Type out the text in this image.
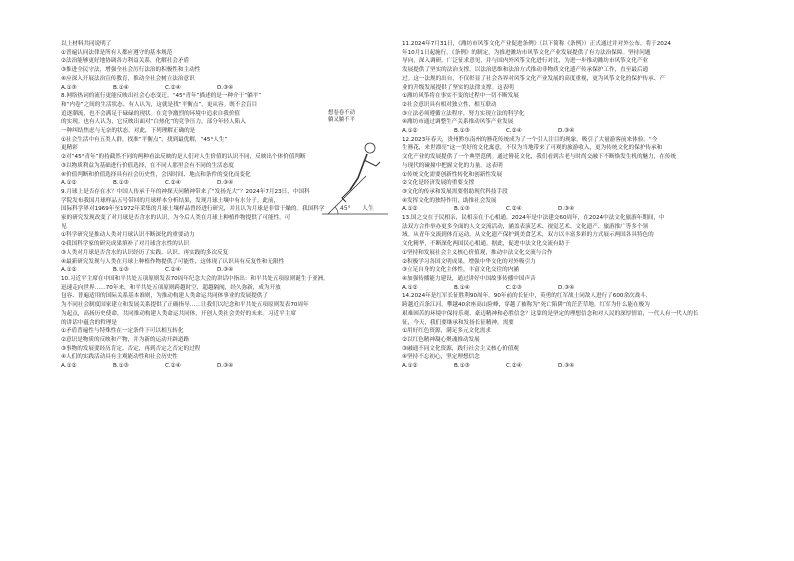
以上材料共同说明了

①普遍认同法律是所有人都应遵守的基本规范

②法治能够更好地协调各方利益关系，化解社会矛盾

③推进全民守法，增强全社会厉行法治的积极性和主动性

④应深入开展法治宣传教育，推动全社会树立法治意识

A.①③	B.①④	C.②④	D.③④

8.网络热词的流行更能反映出社会心态变迁。“45°青年”描述的是一种介于“躺平”

和“内卷”之间的生活状态。有人认为，这就是找“平衡点”，更从容。既不会盲目

追逐潮流，也不会满足于碌碌的现状。在竞争激烈的环境中追求自我价值

的实现。也有人认为，它反映出面对“白热化”的竞争压力，部分年轻人陷入

一种纠结焦虑与无奈的状态。对此，下列理解正确的是

①社会生活中有五类人群，找准“平衡点”，找到最优解，“45°人生”

更精彩

②对“45°青年”的持截然不同的两种看法反映的是人们对人生价值的认识不同，反映出个体价值判断

③以物质利益为基础进行价值选择，在不同人那里会有不同的生活态度

④价值判断和价值选择具有社会历史性，会因时间、地点和条件的变化而变化

A.①②	B.①③	C.②④	D.③④

9.月球上是否存在水？中国人传承千年的神探天问精神带来了“发扬光大”？2024年7月23日，中国科

学院发布我国月球样品五号带回的月球样本分析结果，发现月球土壤中有水分子。此前，

国际科学界对1969年至1972年采集的月球土壤样品曾经进行研究，并且认为月球是非常干燥的。我国科学

家的研究发现改变了对月球是否含水的认识，为今后人类在月球上种植作物提供了可能性。可

见

①科学研究是推动人类对月球认识不断深化的重要动力

②我国科学家的研究成果填补了对月球含水性的认识

③人类对月球是否含水的认识经历了实践、认识、再实践的多次反复

④最新研究发现与人类在月球上种植作物提供了可能性，这体现了认识具有反复性和无限性

A.①②	B.①③	C.②④	D.③④

10.习近平主席在中国和平共处五项原则发表70周年纪念大会的讲话中指出：和平共处五项原则诞生于亚洲，

迅速走向世界……70年来，和平共处五项原则跨越时空，超越隔阂，经久弥新，成为开放

包容、普遍适用的国际关系基本准则，为推动构建人类命运共同体事业的发展提供了

为不同社会制度国家建立和发展关系提供了正确指导……让我们以纪念和平共处五项原则发表70周年

为起点，高扬历史使命，共同推动构建人类命运共同体，开创人类社会美好的未来。习近平主席

的讲话中蕴含的哲理是

①矛盾普遍性与特殊性在一定条件下可以相互转化

②意识是物质的反映和产物，并为新的运动开辟道路

③事物的发展要经历肯定、否定，再到否定之否定的过程

④人们的实践活动具有主观能动性和社会历史性

A.①②	B.①③	C.②④	D.③④
想卷卷不动
躺又躺不平
45° 人生

11.2024年7月31日，《潍坊市风筝文化产业促进条例》（以下简称《条例》）正式通过并对外公布，将于2024

年10月1日起施行。《条例》的制定，为推进潍坊市风筝文化产业发展提供了有力法治保障。坚持问题

导向，深入调研，广泛征求意见，并与国内外风筝文化进行对比，为进一步推动潍坊市风筝文化产业

发展提供了坚实的法治支撑，以法治思维和法治方式推动非物质文化遗产传承保护工作，直至最后通

过。这一法规的出台，不仅彰显了社会各界对风筝文化产业发展的高度重视，更为风筝文化的保护传承、产

业的升级发展提供了坚实的法律支撑。这表明

①潍坊风筝将在事实不变的过程中一切不断发展

②社会意识具有相对独立性，相互联动

③立法必须遵循立法程序，努力实现立法的科学化

④潍坊市通过调整生产关系推动风筝产业发展

A.①②	B.①③	C.②④	D.③④

12.2023年春天，贵州黔东南州的簪花传统成为了一个引人注目的现象，吸引了大量游客前来体验。“今

生簪花，来世漂亮”这一美好的文化寓意，不仅为当地带来了可观的旅游收入，更为传统文化的保护传承和

文化产业的发展提供了一个典型范例。通过簪花文化，我们看到古老与时尚交融下不断焕发生机的魅力，在传统

与现代的碰撞中把握文化的力量。这表明

①传统文化需要创新性转化和创新性发展

②文化是经济发展的重要支撑

③文化的传承和发展需要借助现代科技手段

④发挥文化的独特作用，助推社会发展

A.①②	B.①③	C.②④	D.③④

13.国之交在于民相亲，民相亲在于心相通。2024年是中法建交60周年，在2024中法文化旅游年期间，中

法双方合作举办更多全面的人文交流活动，涵盖表演艺术、视觉艺术、文化遗产、旅游推广等多个领

域。从青年交流到体育运动，从文化遗产保护到美食艺术，双方以丰富多彩的方式展示两国各具特色的

文化精华，不断深化两国民心相通。据此，促进中法文化交流有助于

①坚持和发展社会主义核心价值观，推动中法文化交流与合作

②积极学习各国文明成果，增强中华文化的对外吸引力

③立足自身的文化主体性，丰富文化交往的内涵

④加强传播能力建设，通过讲好中国故事传播中国声音

A.①②	B.①④	C.②③	D.③④

14.2024年是红军长征胜利90周年。90年前的长征中，英勇的红军战士同敌人进行了600余次战斗，

跨越近百条江河，攀越40余座高山险峰，穿越了被称为“死亡陷阱”的茫茫草地。红军为什么能在极为

艰难困苦的环境中保持乐观、豪迈精神和必胜信念？这靠的是坚定的理想信念和对人民的深厚情谊，一代人有一代人的长

征，今天，我们要继承和发扬长征精神，需要

①用好红色资源，满足多元文化需求

②以红色精神凝心聚魂推动发展

③融通不同文化资源，践行社会主义核心价值观

④坚持不忘初心，坚定理想信念

A.①②	B.①③	C.②④	D.③④
